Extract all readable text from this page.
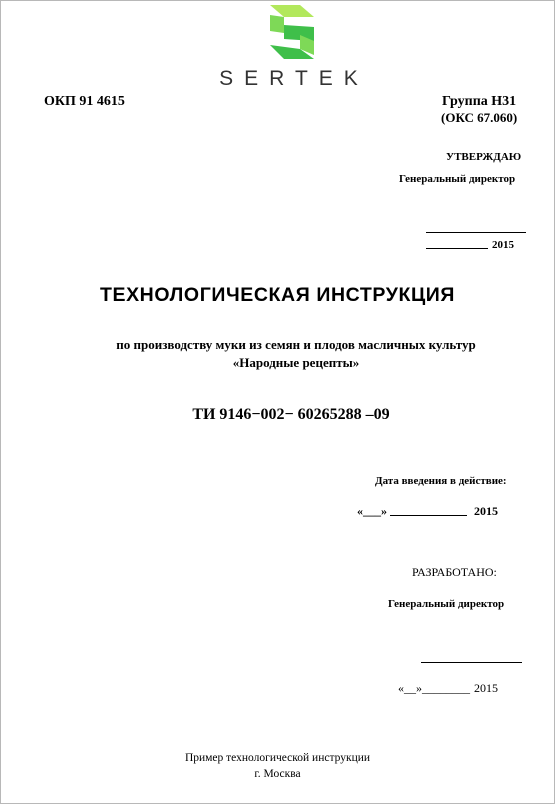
SERTEK
ОКП 91 4615	Группа Н31
(ОКС 67.060)
УТВЕРЖДАЮ
Генеральный директор
2015
ТЕХНОЛОГИЧЕСКАЯ ИНСТРУКЦИЯ
по производству муки из семян и плодов масличных культур
«Народные рецепты»
ТИ 9146−002− 60265288 –09
Дата введения в действие:
«___»	2015
РАЗРАБОТАНО:
Генеральный директор
«__»________ 2015
Пример технологической инструкции
г. Москва
